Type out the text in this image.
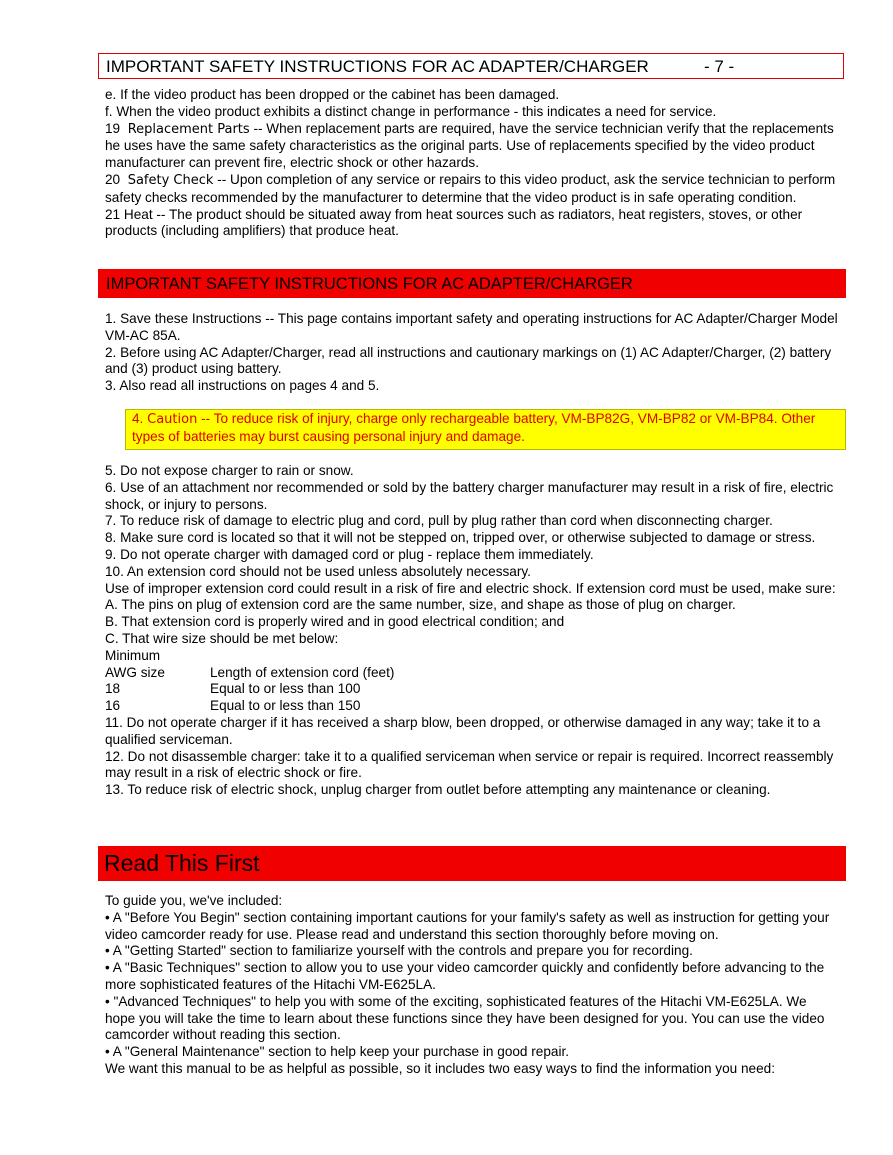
IMPORTANT SAFETY INSTRUCTIONS FOR AC ADAPTER/CHARGER	- 7 -

e. If the video product has been dropped or the cabinet has been damaged.

f. When the video product exhibits a distinct change in performance - this indicates a need for service.

19 Replacement Parts -- When replacement parts are required, have the service technician verify that the replacements he uses have the same safety characteristics as the original parts. Use of replacements specified by the video product manufacturer can prevent fire, electric shock or other hazards.

20 Safety Check -- Upon completion of any service or repairs to this video product, ask the service technician to perform safety checks recommended by the manufacturer to determine that the video product is in safe operating condition.

21 Heat -- The product should be situated away from heat sources such as radiators, heat registers, stoves, or other products (including amplifiers) that produce heat.

IMPORTANT SAFETY INSTRUCTIONS FOR AC ADAPTER/CHARGER

1. Save these Instructions -- This page contains important safety and operating instructions for AC Adapter/Charger Model VM-AC 85A.

2. Before using AC Adapter/Charger, read all instructions and cautionary markings on (1) AC Adapter/Charger, (2) battery and (3) product using battery.

3. Also read all instructions on pages 4 and 5.

4. Caution -- To reduce risk of injury, charge only rechargeable battery, VM-BP82G, VM-BP82 or VM-BP84. Other types of batteries may burst causing personal injury and damage.

5. Do not expose charger to rain or snow.

6. Use of an attachment nor recommended or sold by the battery charger manufacturer may result in a risk of fire, electric shock, or injury to persons.

7. To reduce risk of damage to electric plug and cord, pull by plug rather than cord when disconnecting charger.

8. Make sure cord is located so that it will not be stepped on, tripped over, or otherwise subjected to damage or stress.

9. Do not operate charger with damaged cord or plug - replace them immediately.

10. An extension cord should not be used unless absolutely necessary.

Use of improper extension cord could result in a risk of fire and electric shock. If extension cord must be used, make sure:

A. The pins on plug of extension cord are the same number, size, and shape as those of plug on charger.

B. That extension cord is properly wired and in good electrical condition; and

C. That wire size should be met below:

Minimum

AWG size	Length of extension cord (feet)
18	Equal to or less than 100
16	Equal to or less than 150

11. Do not operate charger if it has received a sharp blow, been dropped, or otherwise damaged in any way; take it to a qualified serviceman.

12. Do not disassemble charger: take it to a qualified serviceman when service or repair is required. Incorrect reassembly may result in a risk of electric shock or fire.

13. To reduce risk of electric shock, unplug charger from outlet before attempting any maintenance or cleaning.

Read This First

To guide you, we've included:

• A "Before You Begin" section containing important cautions for your family's safety as well as instruction for getting your video camcorder ready for use. Please read and understand this section thoroughly before moving on.

• A "Getting Started" section to familiarize yourself with the controls and prepare you for recording.

• A "Basic Techniques" section to allow you to use your video camcorder quickly and confidently before advancing to the more sophisticated features of the Hitachi VM-E625LA.

• "Advanced Techniques" to help you with some of the exciting, sophisticated features of the Hitachi VM-E625LA. We hope you will take the time to learn about these functions since they have been designed for you. You can use the video camcorder without reading this section.

• A "General Maintenance" section to help keep your purchase in good repair.

We want this manual to be as helpful as possible, so it includes two easy ways to find the information you need:
